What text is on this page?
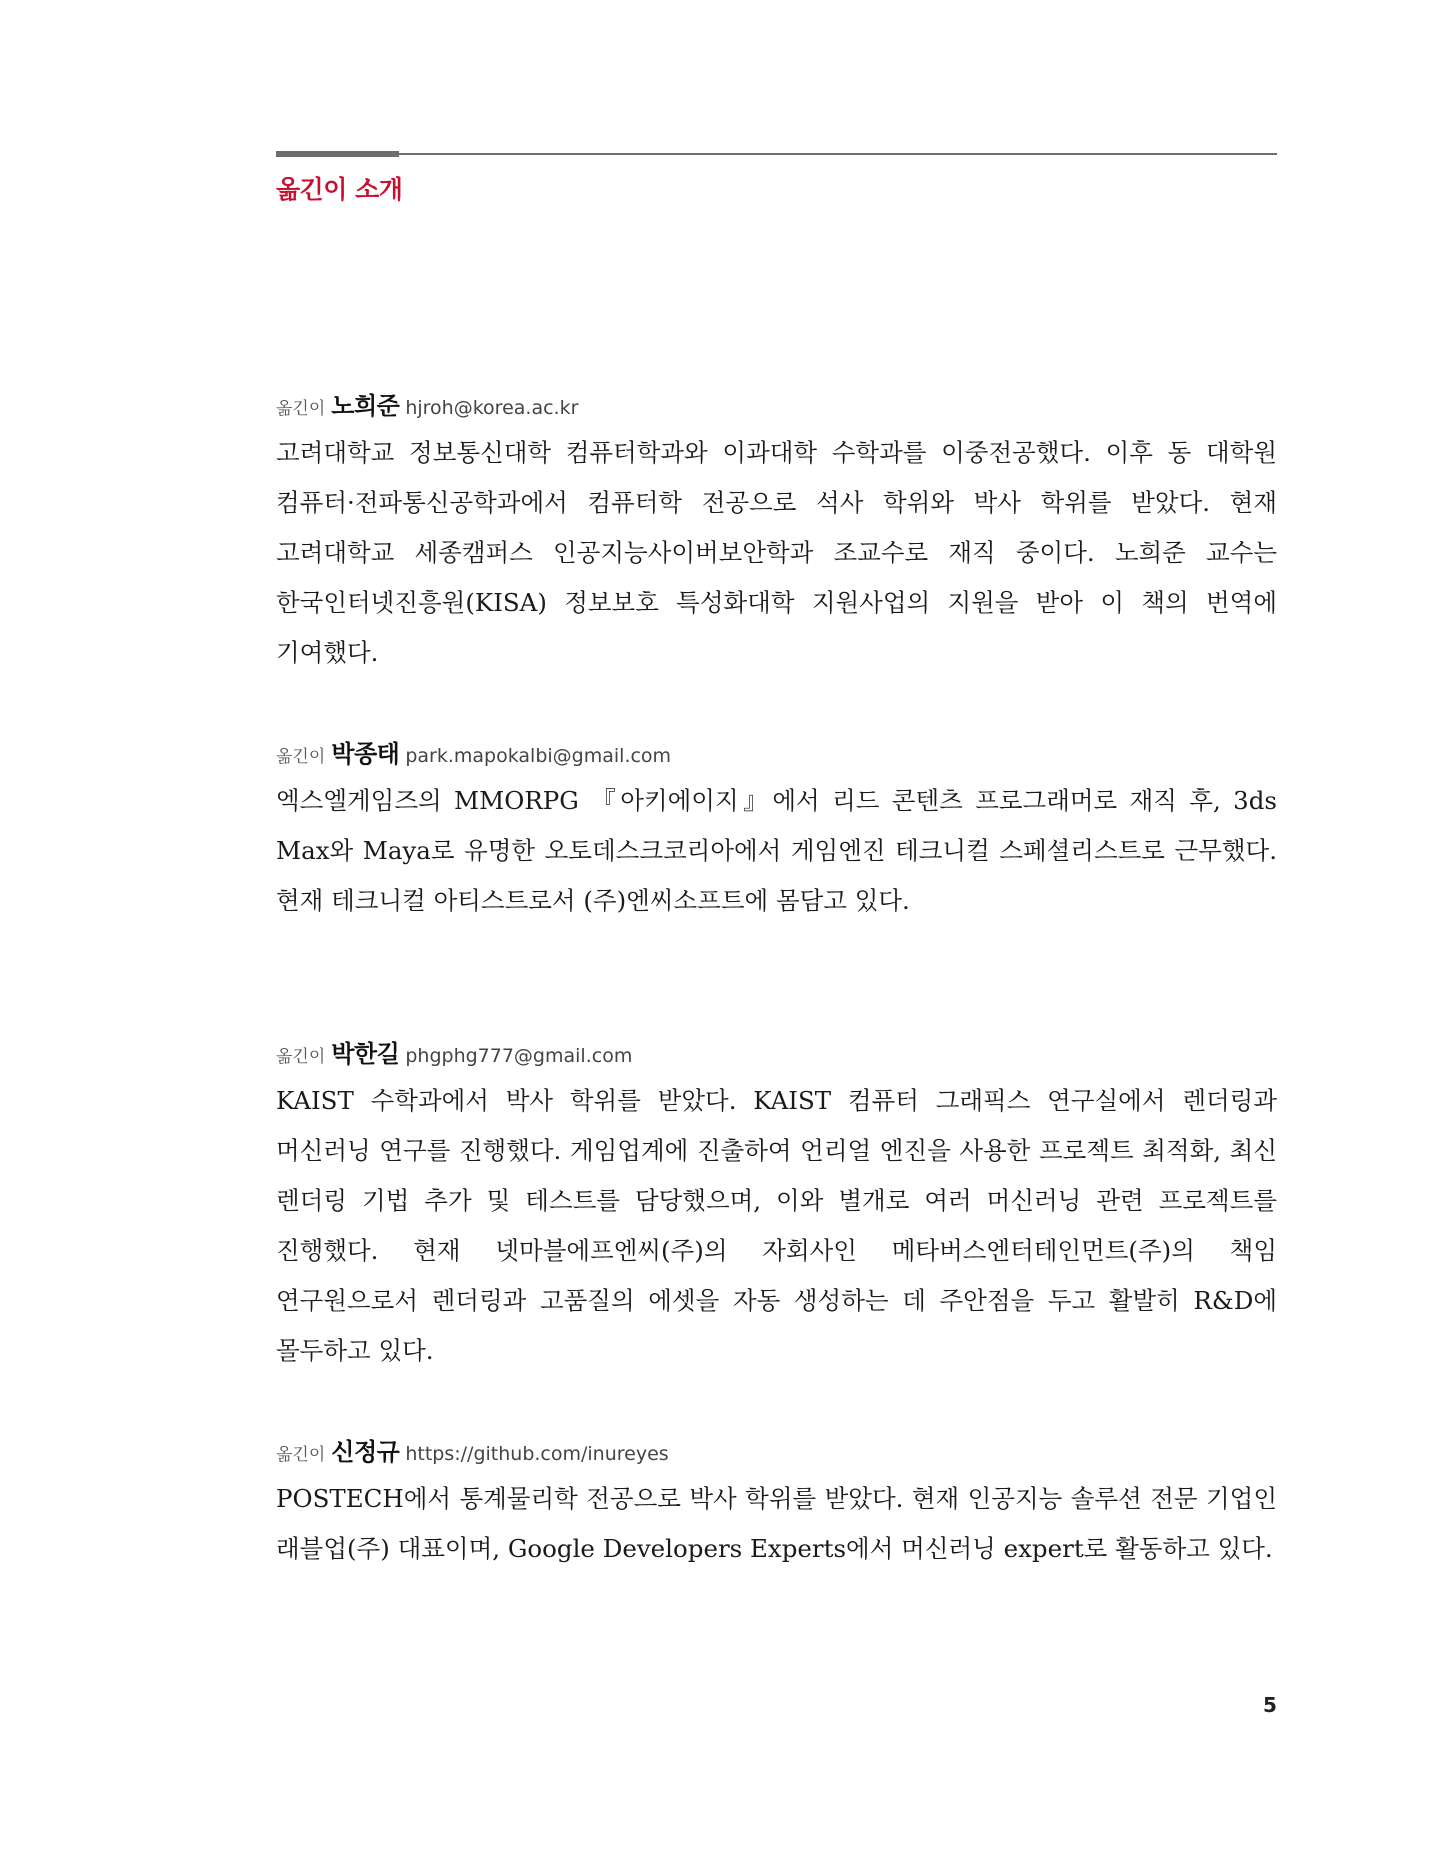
옮긴이 소개
옮긴이 노희준 hjroh@korea.ac.kr

고려대학교 정보통신대학 컴퓨터학과와 이과대학 수학과를 이중전공했다. 이후 동 대학원 컴퓨터·전파통신공학과에서 컴퓨터학 전공으로 석사 학위와 박사 학위를 받았다. 현재 고려대학교 세종캠퍼스 인공지능사이버보안학과 조교수로 재직 중이다. 노희준 교수는 한국인터넷진흥원(KISA) 정보보호 특성화대학 지원사업의 지원을 받아 이 책의 번역에 기여했다.

옮긴이 박종태 park.mapokalbi@gmail.com

엑스엘게임즈의 MMORPG 『아키에이지』에서 리드 콘텐츠 프로그래머로 재직 후, 3ds Max와 Maya로 유명한 오토데스크코리아에서 게임엔진 테크니컬 스페셜리스트로 근무했다. 현재 테크니컬 아티스트로서 (주)엔씨소프트에 몸담고 있다.

옮긴이 박한길 phgphg777@gmail.com

KAIST 수학과에서 박사 학위를 받았다. KAIST 컴퓨터 그래픽스 연구실에서 렌더링과 머신러닝 연구를 진행했다. 게임업계에 진출하여 언리얼 엔진을 사용한 프로젝트 최적화, 최신 렌더링 기법 추가 및 테스트를 담당했으며, 이와 별개로 여러 머신러닝 관련 프로젝트를 진행했다. 현재 넷마블에프엔씨(주)의 자회사인 메타버스엔터테인먼트(주)의 책임 연구원으로서 렌더링과 고품질의 에셋을 자동 생성하는 데 주안점을 두고 활발히 R&D에 몰두하고 있다.

옮긴이 신정규 https://github.com/inureyes

POSTECH에서 통계물리학 전공으로 박사 학위를 받았다. 현재 인공지능 솔루션 전문 기업인 래블업(주) 대표이며, Google Developers Experts에서 머신러닝 expert로 활동하고 있다.

5
